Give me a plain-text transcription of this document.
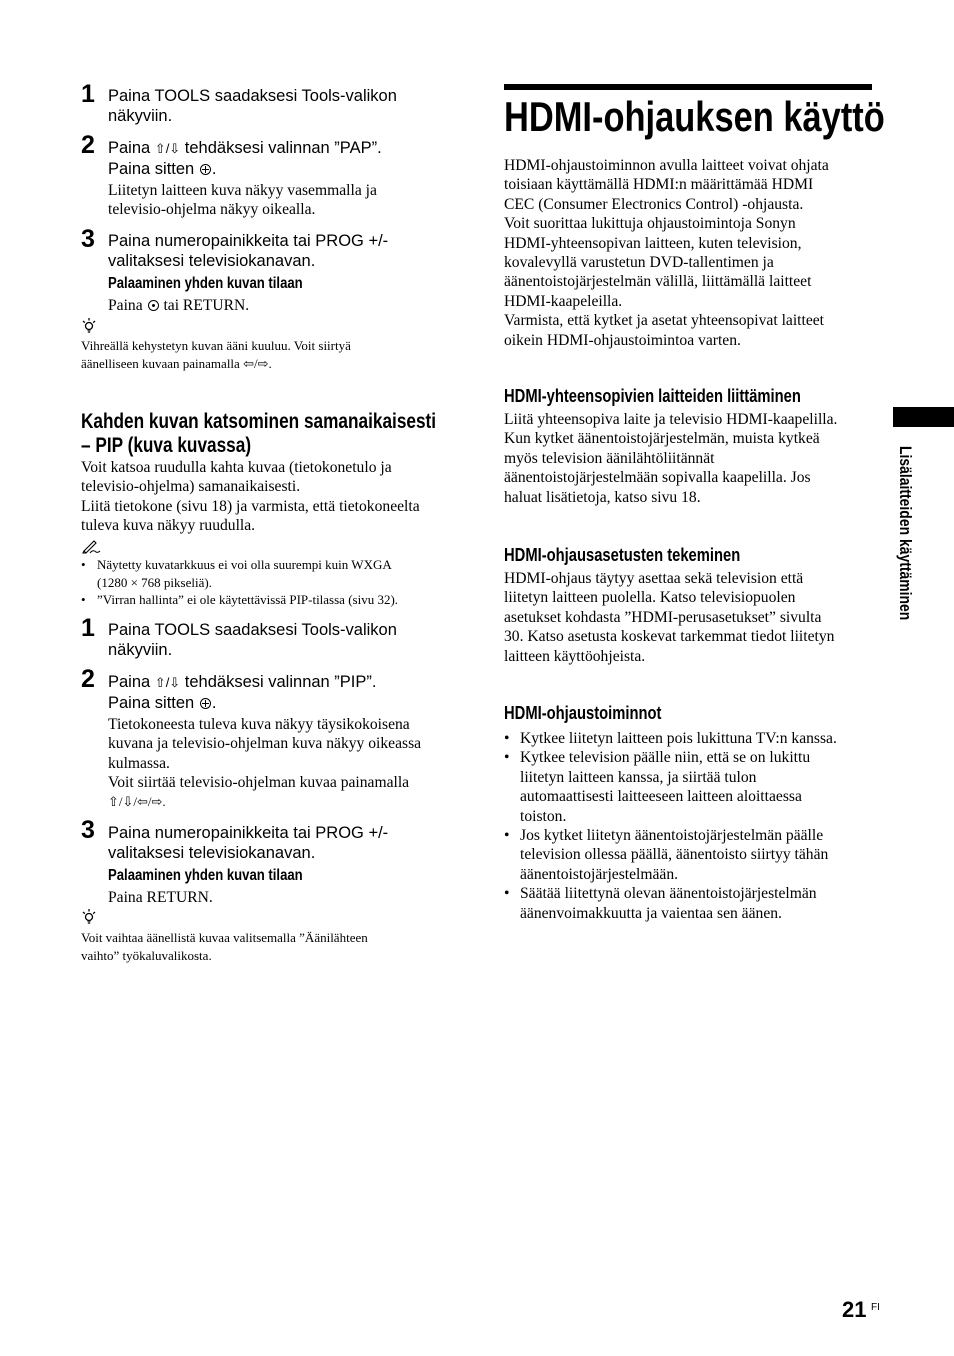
1 Paina TOOLS saadaksesi Tools-valikon
näkyviin.
2 Paina ⇧/⇩ tehdäksesi valinnan ”PAP”.
Paina sitten .
Liitetyn laitteen kuva näkyy vasemmalla ja
televisio-ohjelma näkyy oikealla.
3 Paina numeropainikkeita tai PROG +/-
valitaksesi televisiokanavan.
Palaaminen yhden kuvan tilaan
Paina  tai RETURN.
Vihreällä kehystetyn kuvan ääni kuuluu. Voit siirtyä
äänelliseen kuvaan painamalla ⇦/⇨.
Kahden kuvan katsominen samanaikaisesti
– PIP (kuva kuvassa)
Voit katsoa ruudulla kahta kuvaa (tietokonetulo ja
televisio-ohjelma) samanaikaisesti.
Liitä tietokone (sivu 18) ja varmista, että tietokoneelta
tuleva kuva näkyy ruudulla.
• Näytetty kuvatarkkuus ei voi olla suurempi kuin WXGA
(1280 × 768 pikseliä).
• ”Virran hallinta” ei ole käytettävissä PIP-tilassa (sivu 32).
1 Paina TOOLS saadaksesi Tools-valikon
näkyviin.
2 Paina ⇧/⇩ tehdäksesi valinnan ”PIP”.
Paina sitten .
Tietokoneesta tuleva kuva näkyy täysikokoisena
kuvana ja televisio-ohjelman kuva näkyy oikeassa
kulmassa.
Voit siirtää televisio-ohjelman kuvaa painamalla
⇧/⇩/⇦/⇨.
3 Paina numeropainikkeita tai PROG +/-
valitaksesi televisiokanavan.
Palaaminen yhden kuvan tilaan
Paina RETURN.
Voit vaihtaa äänellistä kuvaa valitsemalla ”Äänilähteen
vaihto” työkaluvalikosta.
HDMI-ohjauksen käyttö
HDMI-ohjaustoiminnon avulla laitteet voivat ohjata
toisiaan käyttämällä HDMI:n määrittämää HDMI
CEC (Consumer Electronics Control) -ohjausta.
Voit suorittaa lukittuja ohjaustoimintoja Sonyn
HDMI-yhteensopivan laitteen, kuten television,
kovalevyllä varustetun DVD-tallentimen ja
äänentoistojärjestelmän välillä, liittämällä laitteet
HDMI-kaapeleilla.
Varmista, että kytket ja asetat yhteensopivat laitteet
oikein HDMI-ohjaustoimintoa varten.
HDMI-yhteensopivien laitteiden liittäminen
Liitä yhteensopiva laite ja televisio HDMI-kaapelilla.
Kun kytket äänentoistojärjestelmän, muista kytkeä
myös television äänilähtöliitännät
äänentoistojärjestelmään sopivalla kaapelilla. Jos
haluat lisätietoja, katso sivu 18.
HDMI-ohjausasetusten tekeminen
HDMI-ohjaus täytyy asettaa sekä television että
liitetyn laitteen puolella. Katso televisiopuolen
asetukset kohdasta ”HDMI-perusasetukset” sivulta
30. Katso asetusta koskevat tarkemmat tiedot liitetyn
laitteen käyttöohjeista.
HDMI-ohjaustoiminnot
• Kytkee liitetyn laitteen pois lukittuna TV:n kanssa.
• Kytkee television päälle niin, että se on lukittu
liitetyn laitteen kanssa, ja siirtää tulon
automaattisesti laitteeseen laitteen aloittaessa
toiston.
• Jos kytket liitetyn äänentoistojärjestelmän päälle
television ollessa päällä, äänentoisto siirtyy tähän
äänentoistojärjestelmään.
• Säätää liitettynä olevan äänentoistojärjestelmän
äänenvoimakkuutta ja vaientaa sen äänen.
Lisälaitteiden käyttäminen
21 FI
